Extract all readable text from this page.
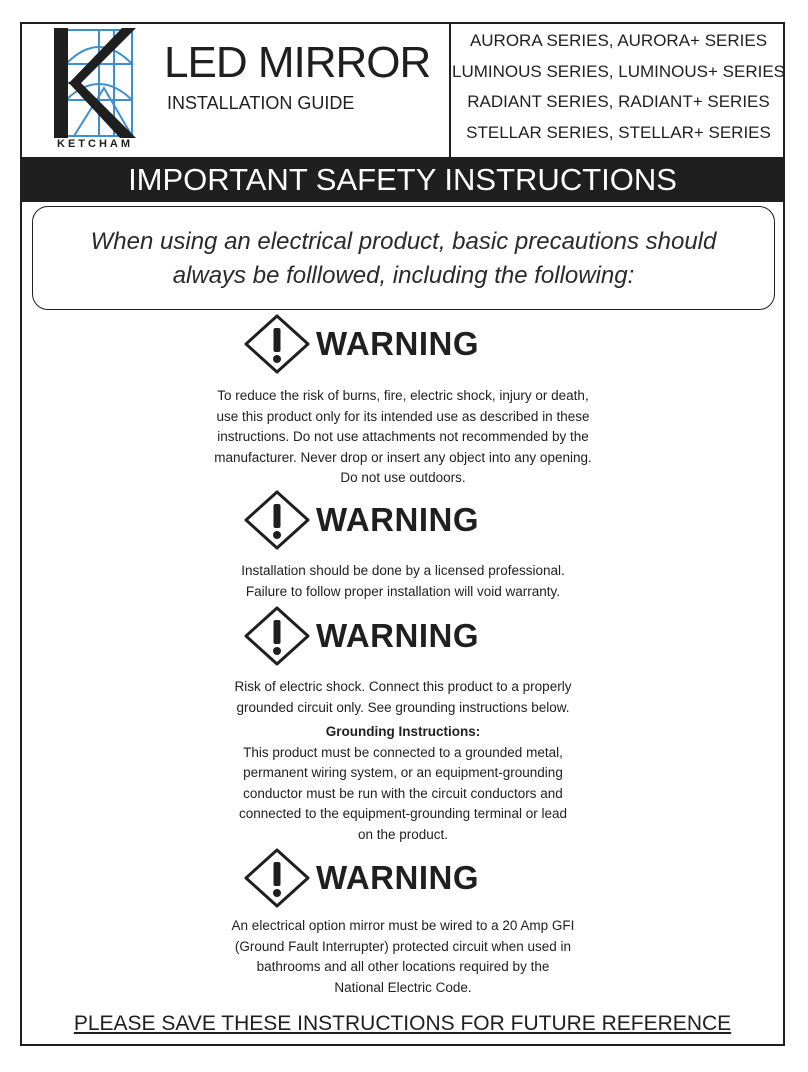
KETCHAM
LED MIRROR
INSTALLATION GUIDE
AURORA SERIES, AURORA+ SERIES
LUMINOUS SERIES, LUMINOUS+ SERIES
RADIANT SERIES, RADIANT+ SERIES
STELLAR SERIES, STELLAR+ SERIES
IMPORTANT SAFETY INSTRUCTIONS
When using an electrical product, basic precautions should
always be folllowed, including the following:
WARNING

To reduce the risk of burns, fire, electric shock, injury or death,

use this product only for its intended use as described in these

instructions. Do not use attachments not recommended by the

manufacturer. Never drop or insert any object into any opening.

Do not use outdoors.

WARNING

Installation should be done by a licensed professional.

Failure to follow proper installation will void warranty.

WARNING

Risk of electric shock. Connect this product to a properly

grounded circuit only. See grounding instructions below.

Grounding Instructions:

This product must be connected to a grounded metal,

permanent wiring system, or an equipment-grounding

conductor must be run with the circuit conductors and

connected to the equipment-grounding terminal or lead

on the product.

WARNING

An electrical option mirror must be wired to a 20 Amp GFI

(Ground Fault Interrupter) protected circuit when used in

bathrooms and all other locations required by the

National Electric Code.

PLEASE SAVE THESE INSTRUCTIONS FOR FUTURE REFERENCE
